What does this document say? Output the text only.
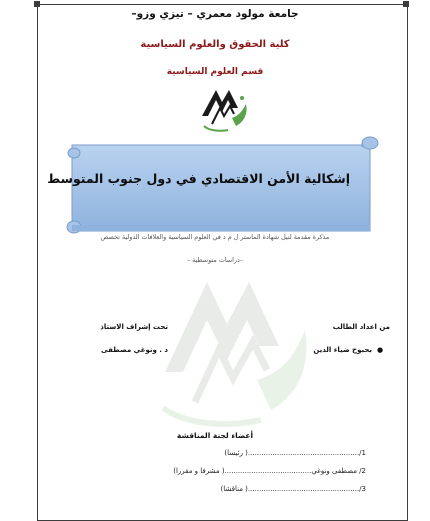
جامعة مولود معمري – تيزي وزو–
كلية الحقوق والعلوم السياسية
قسم العلوم السياسية
إشكالية الأمن الاقتصادي في دول جنوب المتوسط
مذكرة مقدمة لنيل شهادة الماستر ل م د في العلوم السياسية والعلاقات الدولية تخصص
–دراسات متوسطية –
من اعداد الطالب
تحت إشراف الاستاذ
●
بحبوح ضياء الدين
د . ونوغي مصطفى
أعضاء لجنة المناقشة
1/..................................................( رئيسا)
2/ مصطفى ونوغي.......................................( مشرفا و مقررا)
3/..................................................( مناقشا)
